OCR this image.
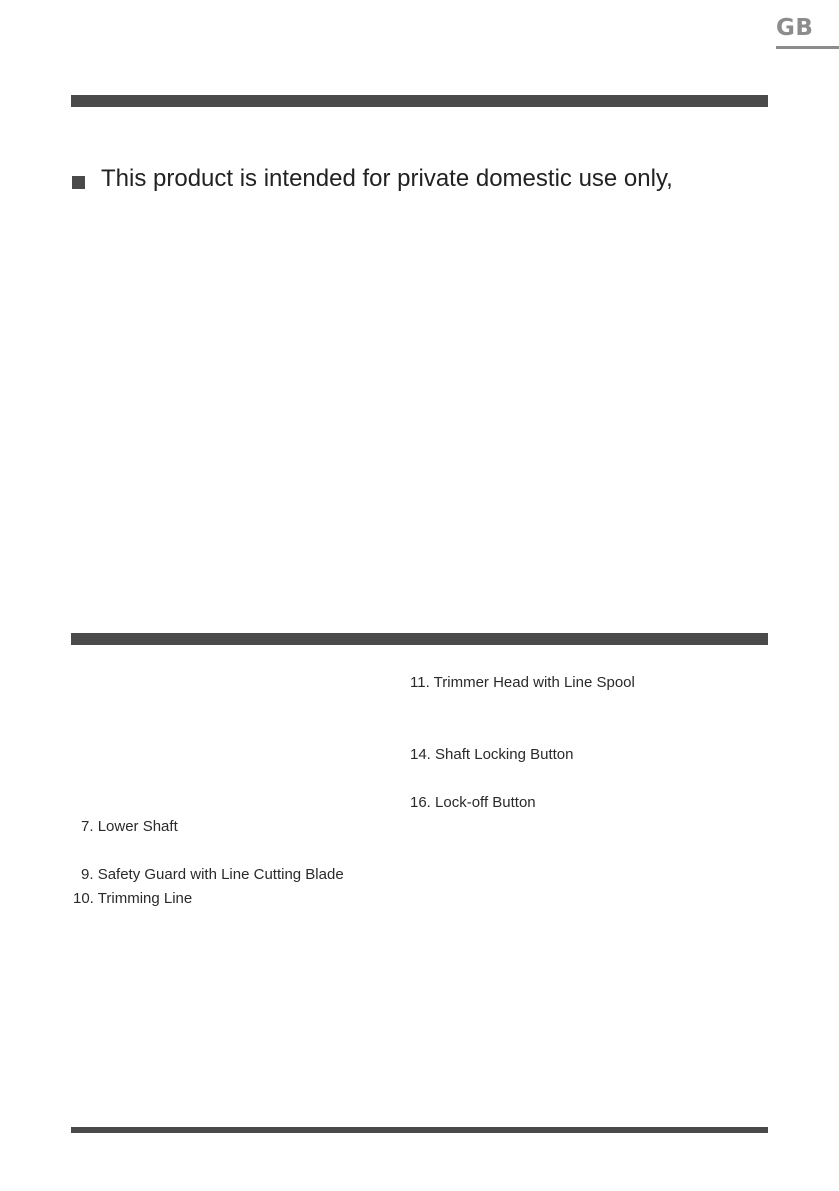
GB
This product is intended for private domestic use only,
7. Lower Shaft
9. Safety Guard with Line Cutting Blade
10. Trimming Line
11. Trimmer Head with Line Spool
14. Shaft Locking Button
16. Lock-off Button
